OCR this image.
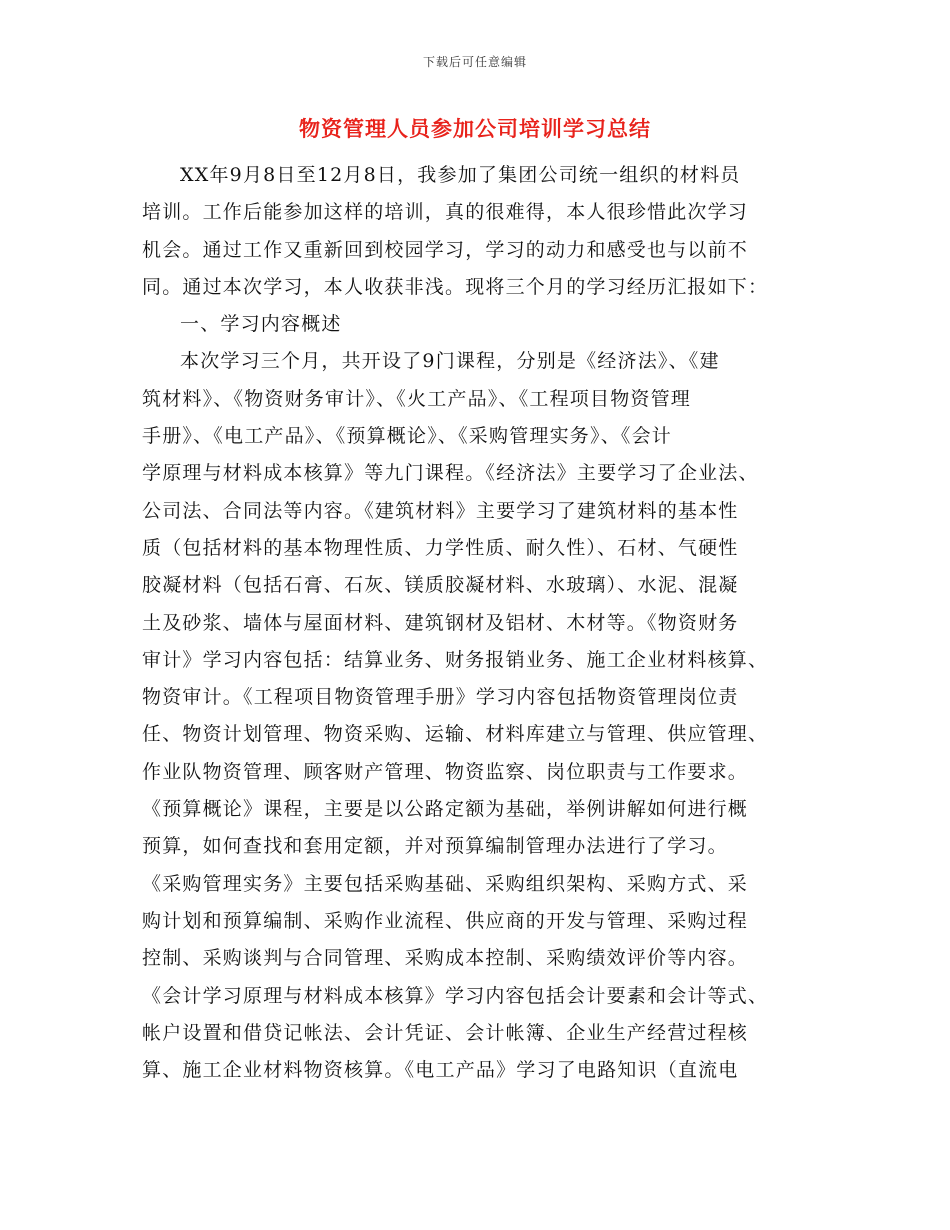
下载后可任意编辑
物资管理人员参加公司培训学习总结
XX年9月8日至12月8日，我参加了集团公司统一组织的材料员
培训。工作后能参加这样的培训，真的很难得，本人很珍惜此次学习
机会。通过工作又重新回到校园学习，学习的动力和感受也与以前不
同。通过本次学习，本人收获非浅。现将三个月的学习经历汇报如下：
一、学习内容概述
本次学习三个月，共开设了9门课程，分别是《经济法》、《建
筑材料》、《物资财务审计》、《火工产品》、《工程项目物资管理
手册》、《电工产品》、《预算概论》、《采购管理实务》、《会计
学原理与材料成本核算》等九门课程。《经济法》主要学习了企业法、
公司法、合同法等内容。《建筑材料》主要学习了建筑材料的基本性
质（包括材料的基本物理性质、力学性质、耐久性）、石材、气硬性
胶凝材料（包括石膏、石灰、镁质胶凝材料、水玻璃）、水泥、混凝
土及砂浆、墙体与屋面材料、建筑钢材及铝材、木材等。《物资财务
审计》学习内容包括：结算业务、财务报销业务、施工企业材料核算、
物资审计。《工程项目物资管理手册》学习内容包括物资管理岗位责
任、物资计划管理、物资采购、运输、材料库建立与管理、供应管理、
作业队物资管理、顾客财产管理、物资监察、岗位职责与工作要求。
《预算概论》课程，主要是以公路定额为基础，举例讲解如何进行概
预算，如何查找和套用定额，并对预算编制管理办法进行了学习。
《采购管理实务》主要包括采购基础、采购组织架构、采购方式、采
购计划和预算编制、采购作业流程、供应商的开发与管理、采购过程
控制、采购谈判与合同管理、采购成本控制、采购绩效评价等内容。
《会计学习原理与材料成本核算》学习内容包括会计要素和会计等式、
帐户设置和借贷记帐法、会计凭证、会计帐簿、企业生产经营过程核
算、施工企业材料物资核算。《电工产品》学习了电路知识（直流电
